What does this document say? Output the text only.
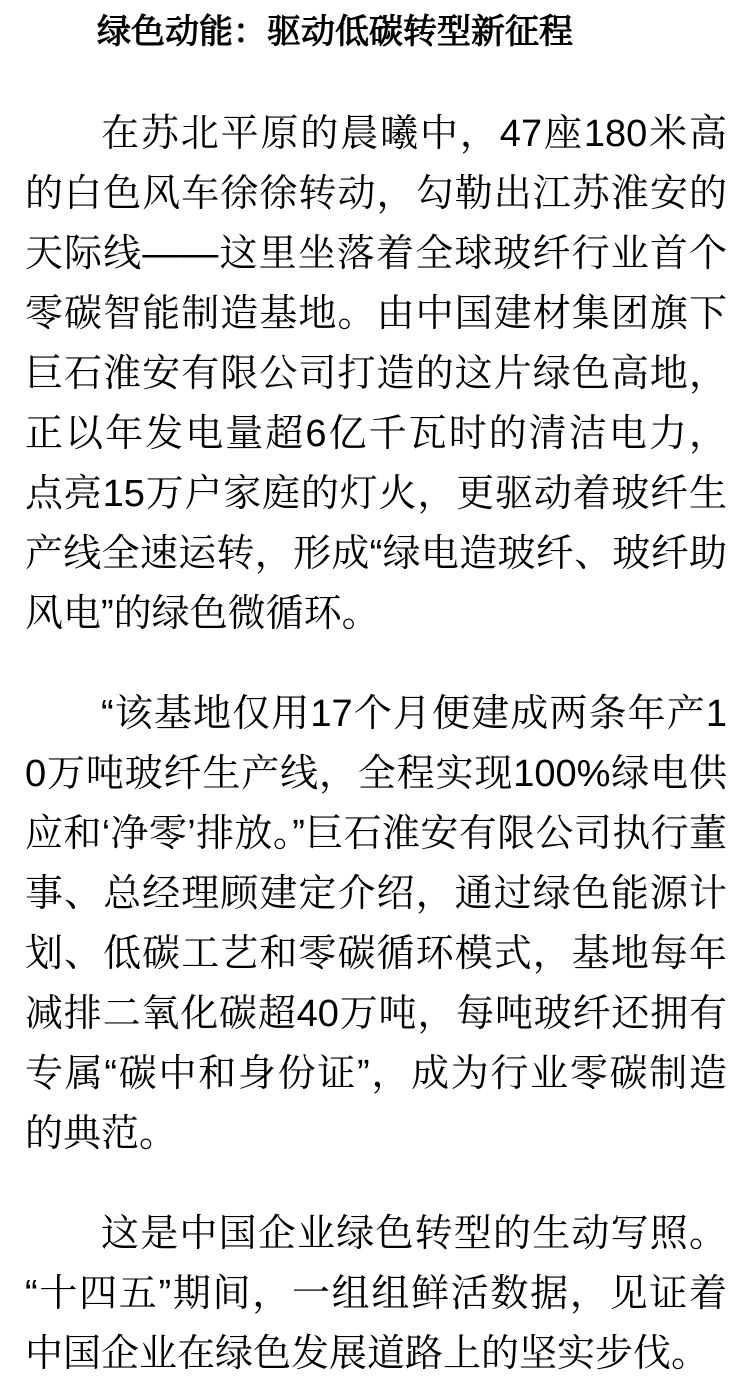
绿色动能：驱动低碳转型新征程

在苏北平原的晨曦中，47座180米高的白色风车徐徐转动，勾勒出江苏淮安的天际线——这里坐落着全球玻纤行业首个零碳智能制造基地。由中国建材集团旗下巨石淮安有限公司打造的这片绿色高地，正以年发电量超6亿千瓦时的清洁电力，点亮15万户家庭的灯火，更驱动着玻纤生产线全速运转，形成“绿电造玻纤、玻纤助风电”的绿色微循环。

“该基地仅用17个月便建成两条年产10万吨玻纤生产线，全程实现100%绿电供应和‘净零’排放。”巨石淮安有限公司执行董事、总经理顾建定介绍，通过绿色能源计划、低碳工艺和零碳循环模式，基地每年减排二氧化碳超40万吨，每吨玻纤还拥有专属“碳中和身份证”，成为行业零碳制造的典范。

这是中国企业绿色转型的生动写照。“十四五”期间，一组组鲜活数据，见证着中国企业在绿色发展道路上的坚实步伐。
